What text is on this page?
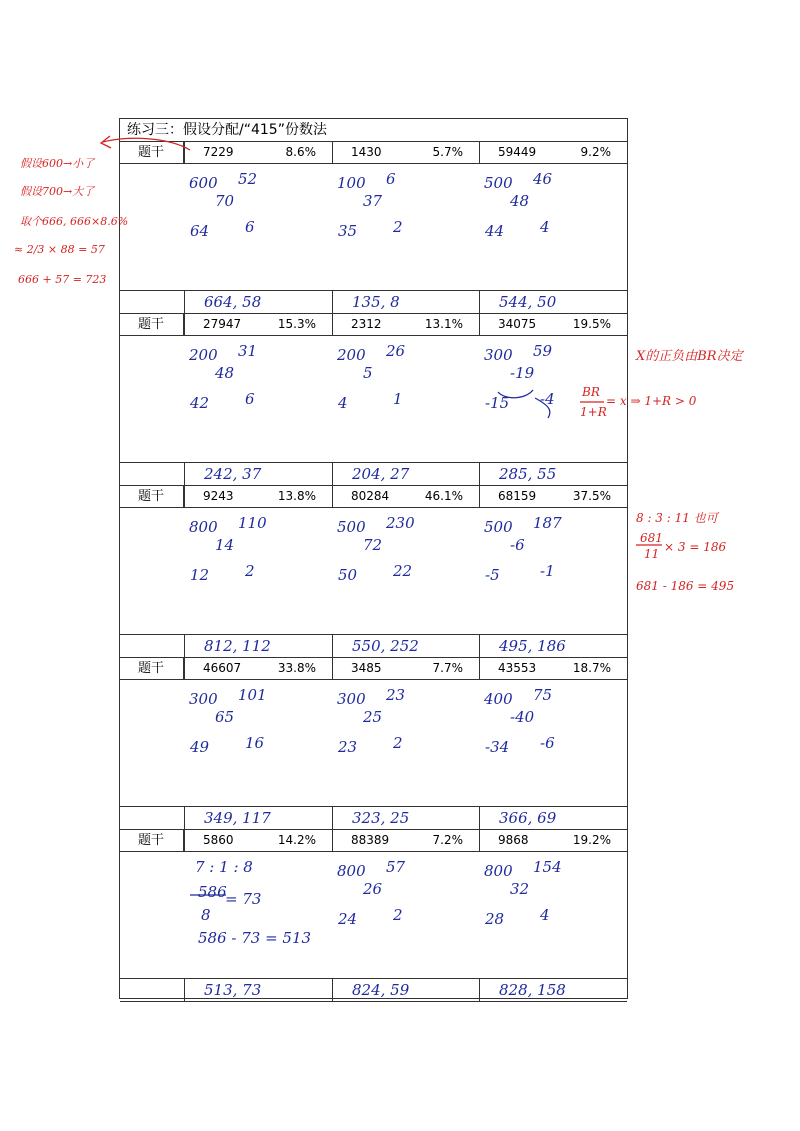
练习三：假设分配/“415”份数法
题干	7229	8.6%	1430	5.7%	59449	9.2%
600 52
70
64 6
100 6
37
35 2
500 46
48
44 4
664, 58	135, 8	544, 50
题干	27947	15.3%	2312	13.1%	34075	19.5%
200 31
48
42 6
200 26
5
4	1
300 59
-19
-15 -4
242, 37	204, 27	285, 55
题干	9243	13.8%	80284	46.1%	68159	37.5%
800 110
14
12 2
500 230
72
50 22
500 187
-6
-5	-1
812, 112	550, 252	495, 186
题干	46607	33.8%	3485	7.7%	43553	18.7%
300 101
65
49 16
300 23
25
23 2
400 75
-40
-34 -6
349, 117	323, 25	366, 69
题干	5860	14.2%	88389	7.2%	9868	19.2%
7 : 1 : 8
586
8
= 73
586 - 73 = 513
800 57
26
24 2
800 154
32
28 4
513, 73	824, 59	828, 158
假设600→小了
假设700→大了
取个666, 666×8.6%
≈ 2/3 × 88 = 57
666 + 57 = 723
X的正负由BR决定
BR
1+R
= x ⇒ 1+R > 0
8 : 3 : 11 也可
681
11 × 3 = 186
681 - 186 = 495
